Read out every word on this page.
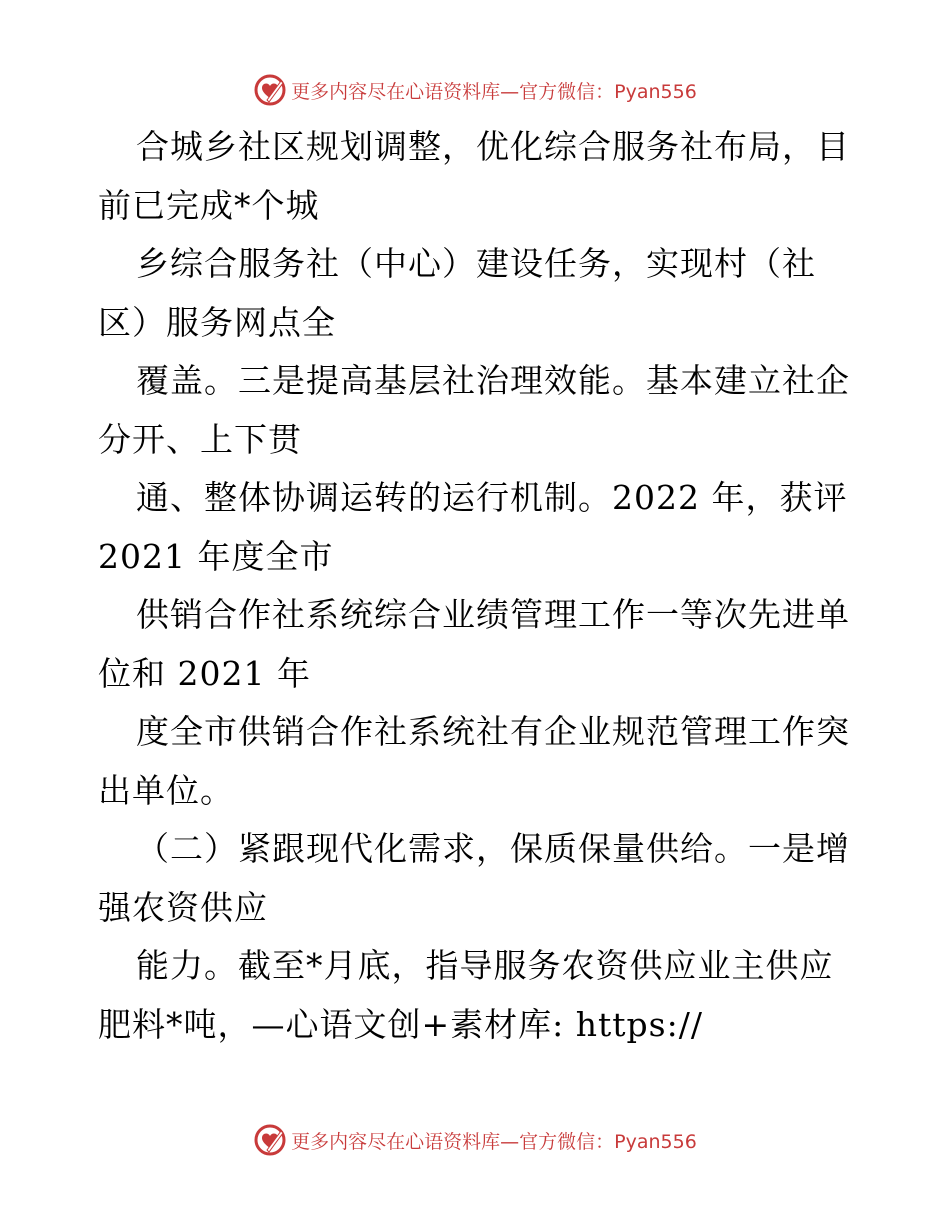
更多内容尽在心语资料库—官方微信：Pyan556
合城乡社区规划调整，优化综合服务社布局，目
前已完成*个城
乡综合服务社（中心）建设任务，实现村（社
区）服务网点全
覆盖。三是提高基层社治理效能。基本建立社企
分开、上下贯
通、整体协调运转的运行机制。2022 年，获评
2021 年度全市
供销合作社系统综合业绩管理工作一等次先进单
位和 2021 年
度全市供销合作社系统社有企业规范管理工作突
出单位。
（二）紧跟现代化需求，保质保量供给。一是增
强农资供应
能力。截至*月底，指导服务农资供应业主供应
肥料*吨，—心语文创+素材库: https://
更多内容尽在心语资料库—官方微信：Pyan556
